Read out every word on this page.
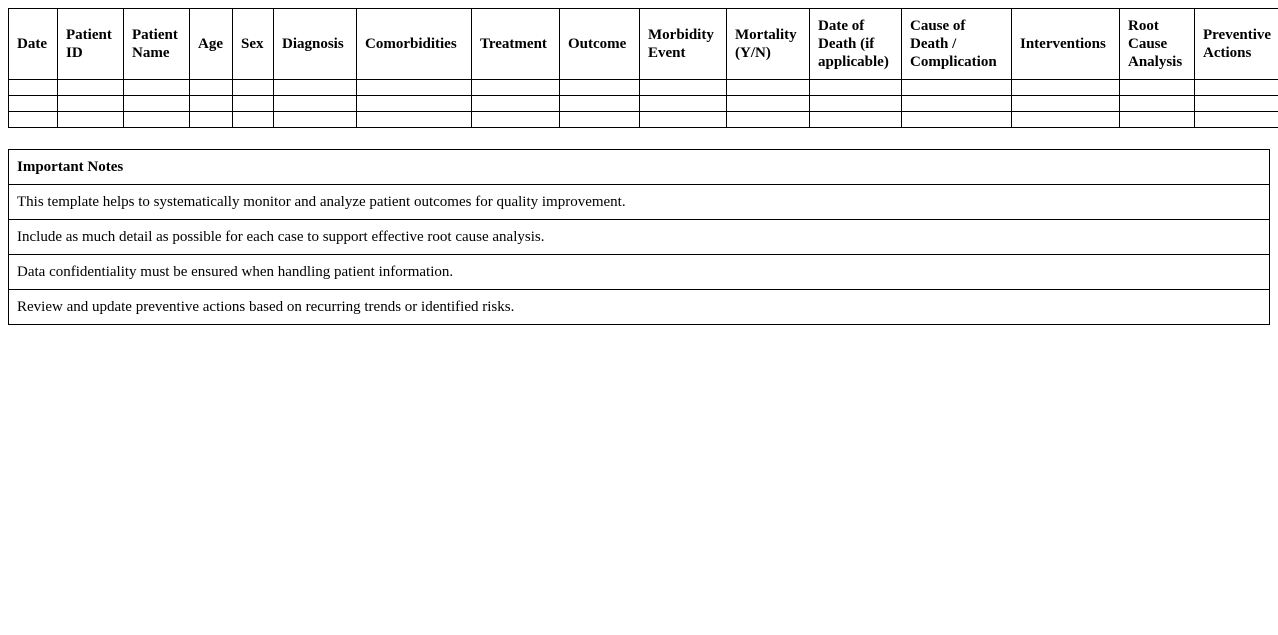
Date	Patient ID	Patient Name	Age	Sex	Diagnosis	Comorbidities	Treatment	Outcome	Morbidity Event	Mortality (Y/N)	Date of Death (if applicable)	Cause of Death / Complication	Interventions	Root Cause Analysis	Preventive Actions

Important Notes
This template helps to systematically monitor and analyze patient outcomes for quality improvement.
Include as much detail as possible for each case to support effective root cause analysis.
Data confidentiality must be ensured when handling patient information.
Review and update preventive actions based on recurring trends or identified risks.
